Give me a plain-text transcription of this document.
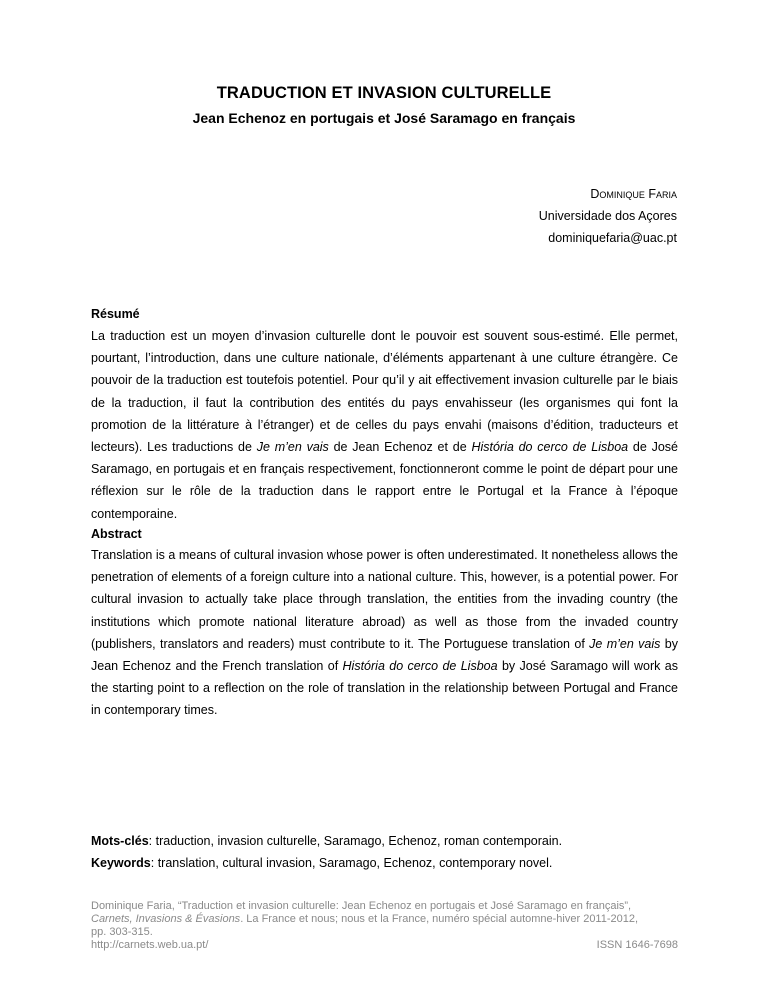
TRADUCTION ET INVASION CULTURELLE
Jean Echenoz en portugais et José Saramago en français
Dominique Faria
Universidade dos Açores
dominiquefaria@uac.pt
Résumé
La traduction est un moyen d’invasion culturelle dont le pouvoir est souvent sous-estimé. Elle permet, pourtant, l’introduction, dans une culture nationale, d’éléments appartenant à une culture étrangère. Ce pouvoir de la traduction est toutefois potentiel. Pour qu’il y ait effectivement invasion culturelle par le biais de la traduction, il faut la contribution des entités du pays envahisseur (les organismes qui font la promotion de la littérature à l’étranger) et de celles du pays envahi (maisons d’édition, traducteurs et lecteurs). Les traductions de Je m’en vais de Jean Echenoz et de História do cerco de Lisboa de José Saramago, en portugais et en français respectivement, fonctionneront comme le point de départ pour une réflexion sur le rôle de la traduction dans le rapport entre le Portugal et la France à l’époque contemporaine.
Abstract
Translation is a means of cultural invasion whose power is often underestimated. It nonetheless allows the penetration of elements of a foreign culture into a national culture. This, however, is a potential power. For cultural invasion to actually take place through translation, the entities from the invading country (the institutions which promote national literature abroad) as well as those from the invaded country (publishers, translators and readers) must contribute to it. The Portuguese translation of Je m’en vais by Jean Echenoz and the French translation of História do cerco de Lisboa by José Saramago will work as the starting point to a reflection on the role of translation in the relationship between Portugal and France in contemporary times.
Mots-clés: traduction, invasion culturelle, Saramago, Echenoz, roman contemporain.
Keywords: translation, cultural invasion, Saramago, Echenoz, contemporary novel.
Dominique Faria, “Traduction et invasion culturelle: Jean Echenoz en portugais et José Saramago en français”,
Carnets, Invasions & Évasions. La France et nous; nous et la France, numéro spécial automne-hiver 2011-2012,
pp. 303-315.
http://carnets.web.ua.pt/	ISSN 1646-7698
